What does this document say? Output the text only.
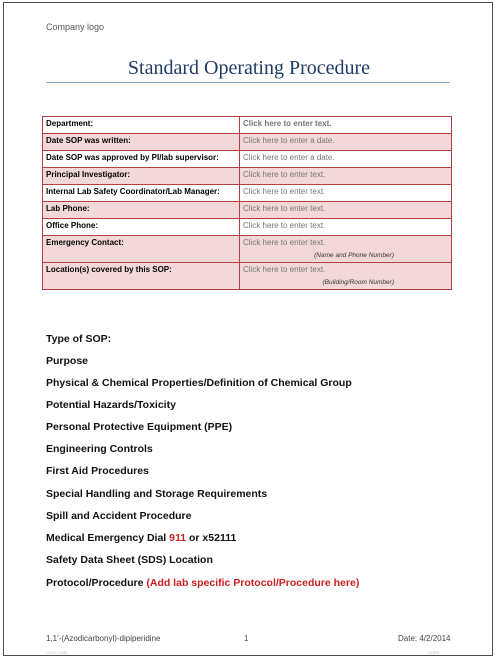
Company logo
Standard Operating Procedure
Department:	Click here to enter text.
Date SOP was written:	Click here to enter a date.
Date SOP was approved by PI/lab supervisor:	Click here to enter a date.
Principal Investigator:	Click here to enter text.
Internal Lab Safety Coordinator/Lab Manager:	Click here to enter text.
Lab Phone:	Click here to enter text.
Office Phone:	Click here to enter text.
Emergency Contact:	Click here to enter text.
(Name and Phone Number)

Location(s) covered by this SOP:	Click here to enter text.
(Building/Room Number)
Type of SOP:
Purpose
Physical & Chemical Properties/Definition of Chemical Group
Potential Hazards/Toxicity
Personal Protective Equipment (PPE)
Engineering Controls
First Aid Procedures
Special Handling and Storage Requirements
Spill and Accident Procedure
Medical Emergency Dial 911 or x52111
Safety Data Sheet (SDS) Location
Protocol/Procedure (Add lab specific Protocol/Procedure here)
1,1'-(Azodicarbonyl)-dipiperidine	1	Date: 4/2/2014
LOGO ONE	CORP
